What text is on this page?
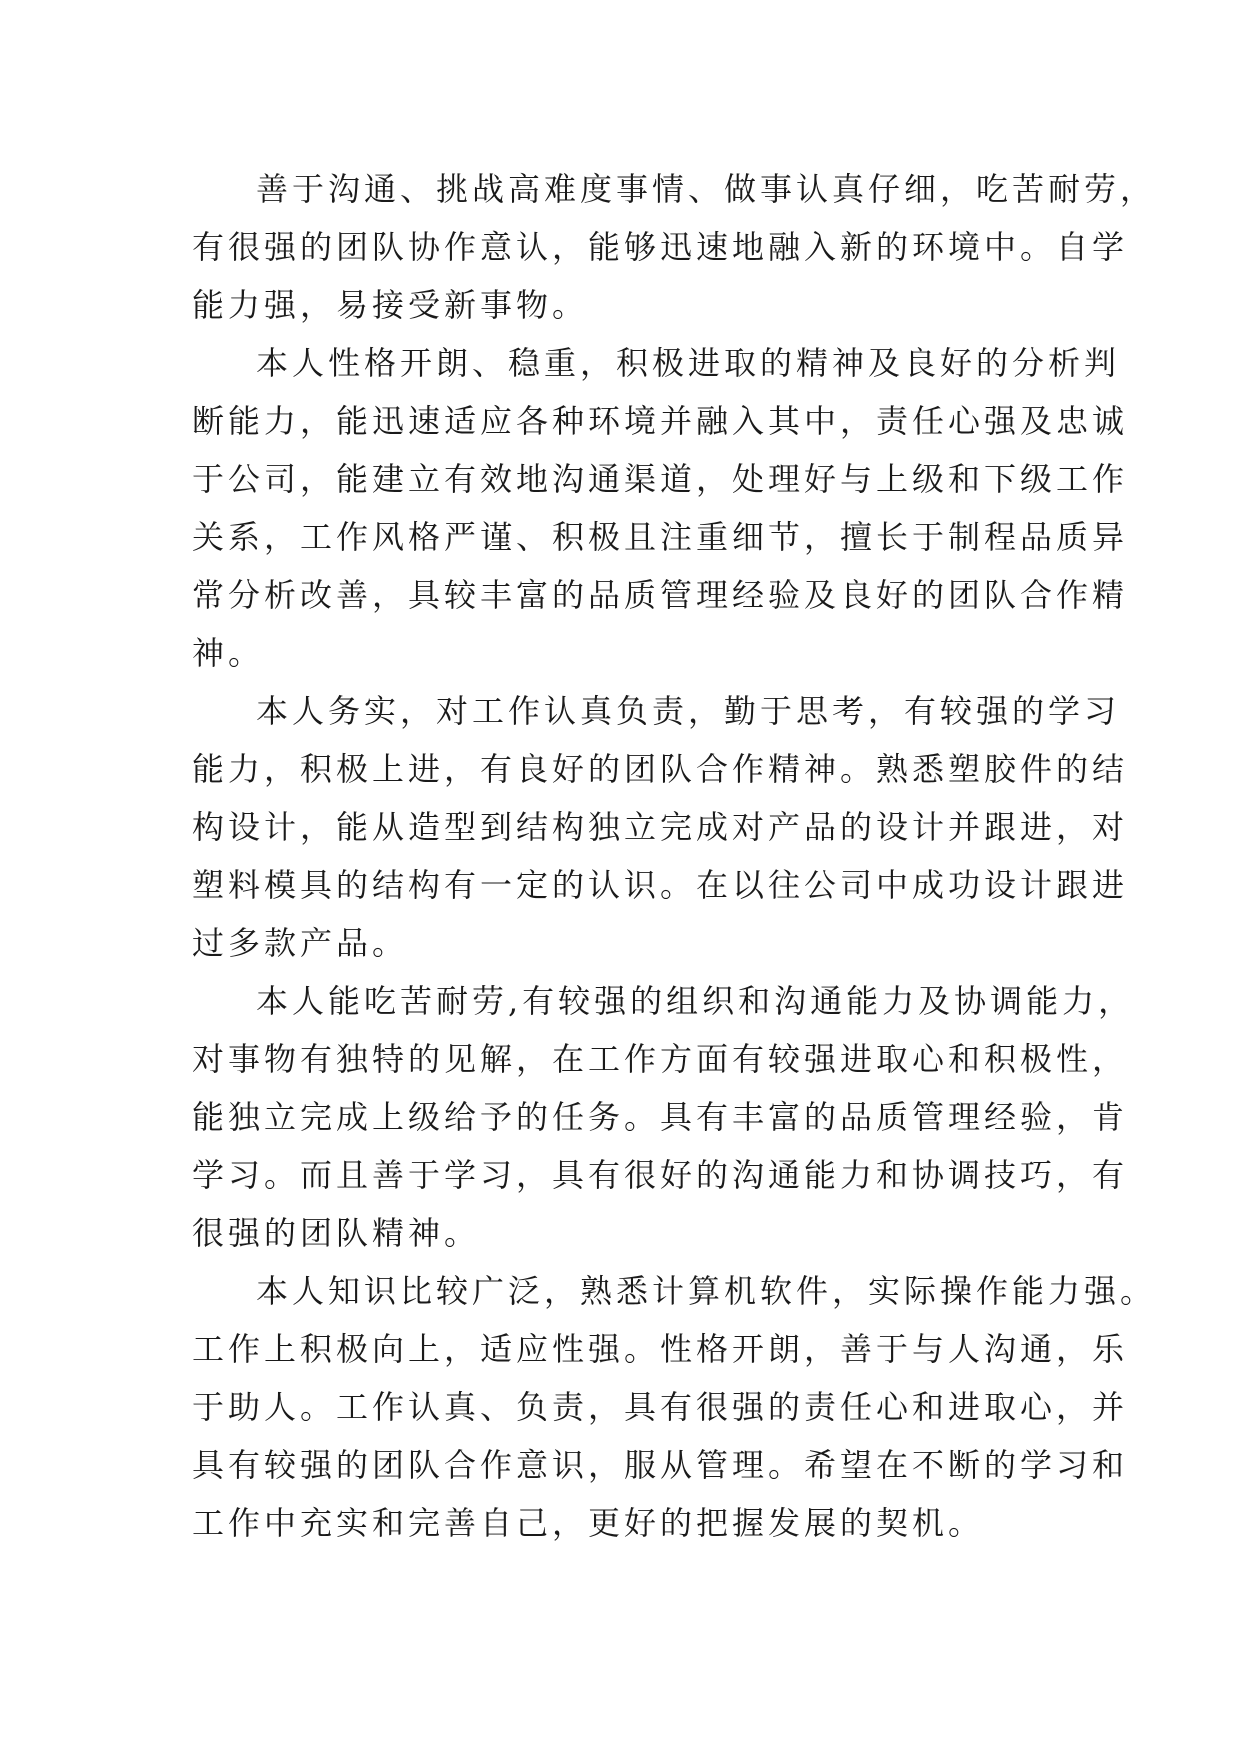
善于沟通、挑战高难度事情、做事认真仔细，吃苦耐劳，
有很强的团队协作意认，能够迅速地融入新的环境中。自学
能力强，易接受新事物。
本人性格开朗、稳重，积极进取的精神及良好的分析判
断能力，能迅速适应各种环境并融入其中，责任心强及忠诚
于公司，能建立有效地沟通渠道，处理好与上级和下级工作
关系，工作风格严谨、积极且注重细节，擅长于制程品质异
常分析改善，具较丰富的品质管理经验及良好的团队合作精
神。
本人务实，对工作认真负责，勤于思考，有较强的学习
能力，积极上进，有良好的团队合作精神。熟悉塑胶件的结
构设计，能从造型到结构独立完成对产品的设计并跟进，对
塑料模具的结构有一定的认识。在以往公司中成功设计跟进
过多款产品。
本人能吃苦耐劳,有较强的组织和沟通能力及协调能力，
对事物有独特的见解，在工作方面有较强进取心和积极性，
能独立完成上级给予的任务。具有丰富的品质管理经验，肯
学习。而且善于学习，具有很好的沟通能力和协调技巧，有
很强的团队精神。
本人知识比较广泛，熟悉计算机软件，实际操作能力强。
工作上积极向上，适应性强。性格开朗，善于与人沟通，乐
于助人。工作认真、负责，具有很强的责任心和进取心，并
具有较强的团队合作意识，服从管理。希望在不断的学习和
工作中充实和完善自己，更好的把握发展的契机。
